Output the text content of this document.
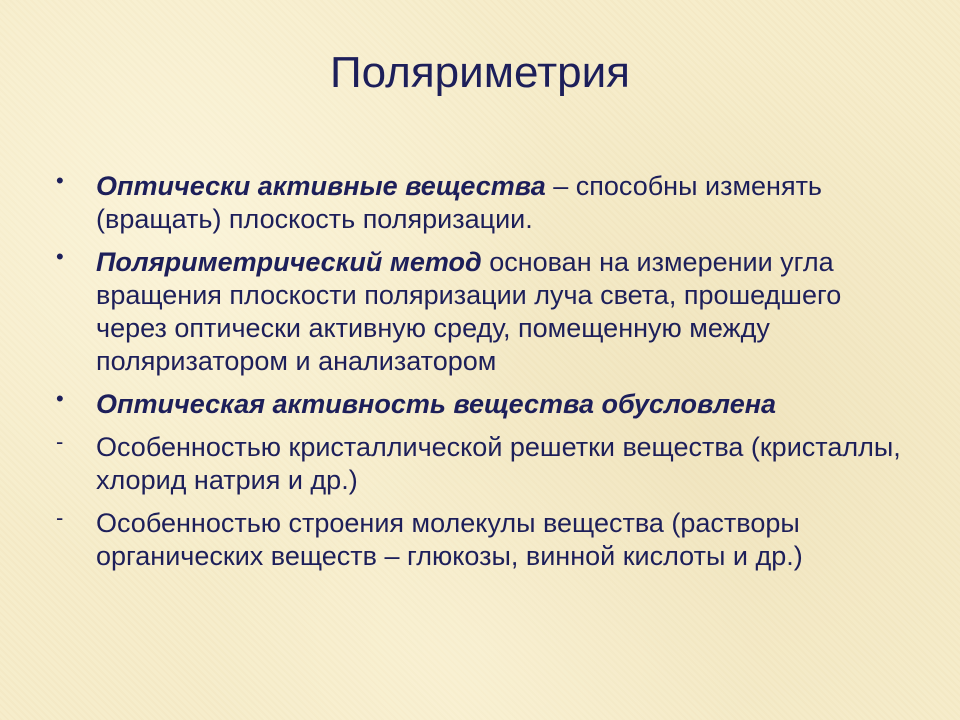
Поляриметрия
•	Оптически активные вещества – способны изменять (вращать) плоскость поляризации.
•	Поляриметрический метод основан на измерении угла вращения плоскости поляризации луча света, прошедшего через оптически активную среду, помещенную между поляризатором и анализатором
•	Оптическая активность вещества обусловлена
-	Особенностью кристаллической решетки вещества (кристаллы, хлорид натрия и др.)
-	Особенностью строения молекулы вещества (растворы органических веществ – глюкозы, винной кислоты и др.)
